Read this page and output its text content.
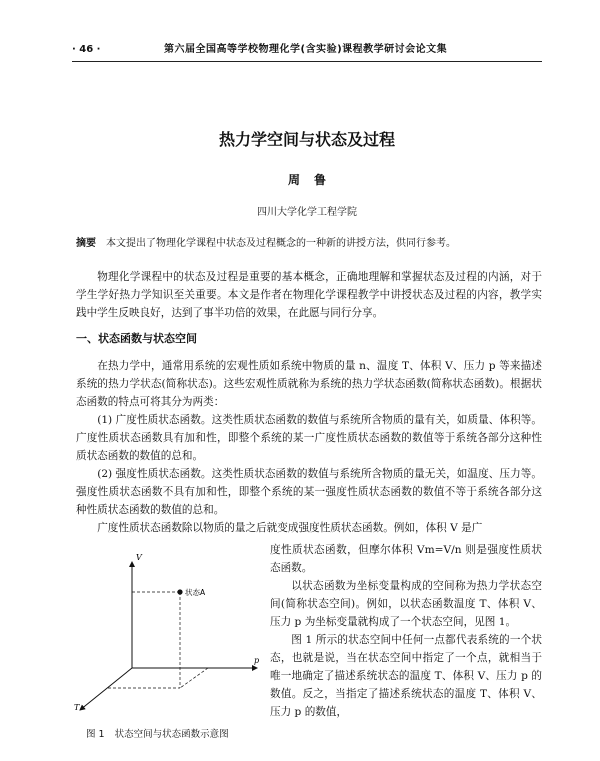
· 46 ·	第六届全国高等学校物理化学(含实验)课程教学研讨会论文集
热力学空间与状态及过程
周鲁
四川大学化学工程学院
摘要 本文提出了物理化学课程中状态及过程概念的一种新的讲授方法，供同行参考。

物理化学课程中的状态及过程是重要的基本概念，正确地理解和掌握状态及过程的内涵，对于学生学好热力学知识至关重要。本文是作者在物理化学课程教学中讲授状态及过程的内容，教学实践中学生反映良好，达到了事半功倍的效果，在此愿与同行分享。

一、状态函数与状态空间

在热力学中，通常用系统的宏观性质如系统中物质的量 n、温度 T、体积 V、压力 p 等来描述系统的热力学状态(简称状态)。这些宏观性质就称为系统的热力学状态函数(简称状态函数)。根据状态函数的特点可将其分为两类：

(1) 广度性质状态函数。这类性质状态函数的数值与系统所含物质的量有关，如质量、体积等。广度性质状态函数具有加和性，即整个系统的某一广度性质状态函数的数值等于系统各部分这种性质状态函数的数值的总和。

(2) 强度性质状态函数。这类性质状态函数的数值与系统所含物质的量无关，如温度、压力等。强度性质状态函数不具有加和性，即整个系统的某一强度性质状态函数的数值不等于系统各部分这种性质状态函数的数值的总和。

广度性质状态函数除以物质的量之后就变成强度性质状态函数。例如，体积 V 是广

V
p
T
状态A
图 1 状态空间与状态函数示意图

度性质状态函数，但摩尔体积 Vm=V/n 则是强度性质状态函数。

以状态函数为坐标变量构成的空间称为热力学状态空间(简称状态空间)。例如，以状态函数温度 T、体积 V、压力 p 为坐标变量就构成了一个状态空间，见图 1。

图 1 所示的状态空间中任何一点都代表系统的一个状态，也就是说，当在状态空间中指定了一个点，就相当于唯一地确定了描述系统状态的温度 T、体积 V、压力 p 的数值。反之，当指定了描述系统状态的温度 T、体积 V、压力 p 的数值，
